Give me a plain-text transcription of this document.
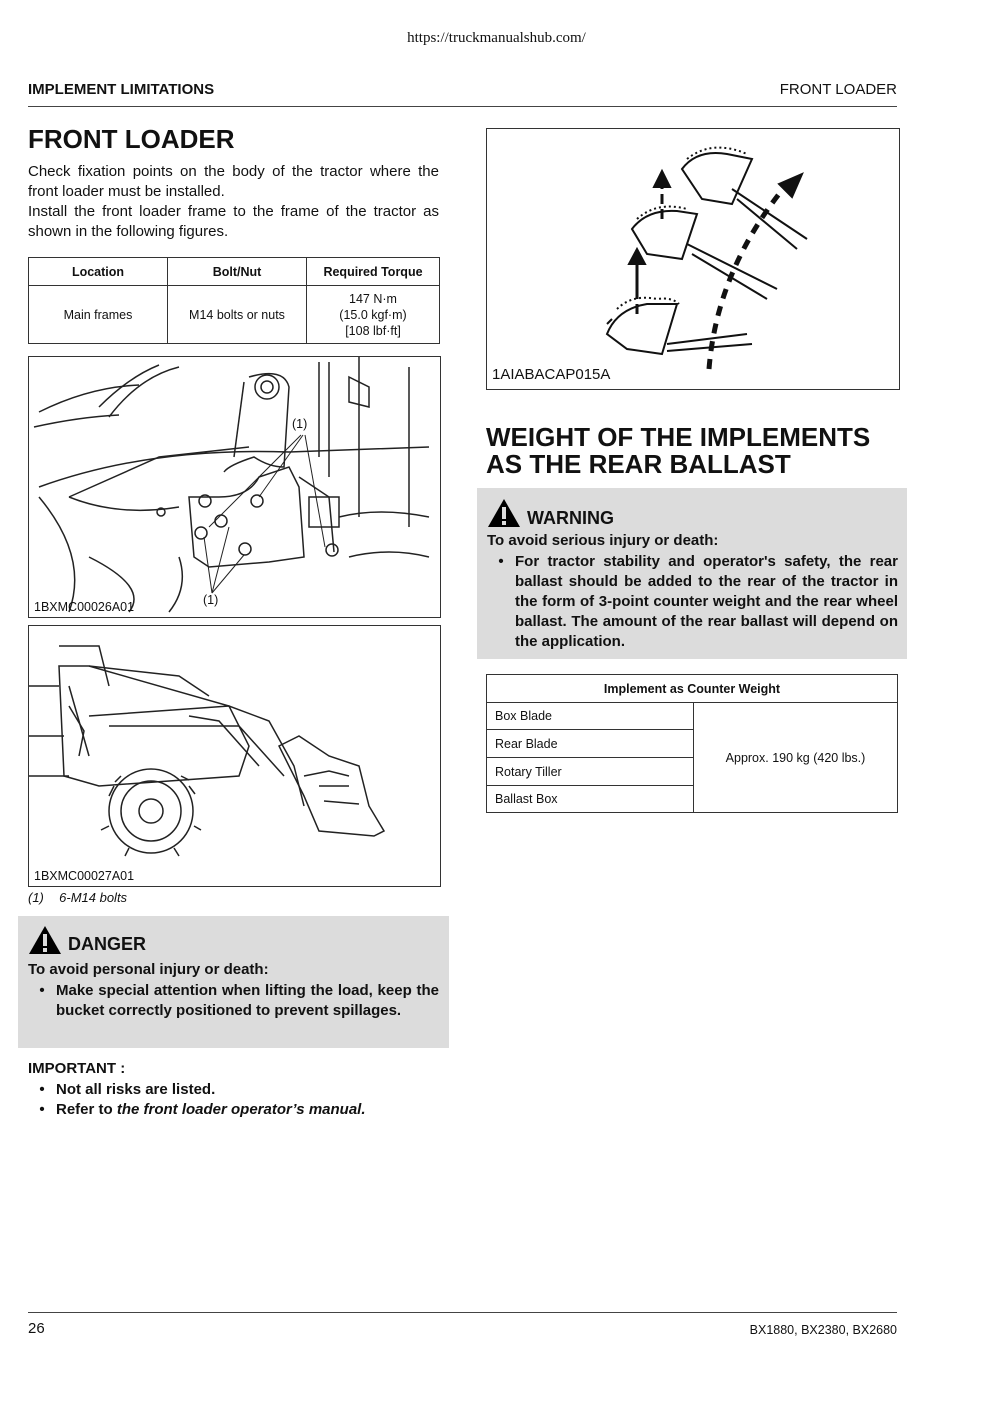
https://truckmanualshub.com/
IMPLEMENT LIMITATIONS	FRONT LOADER
FRONT LOADER
Check fixation points on the body of the tractor where the front loader must be installed.
Install the front loader frame to the frame of the tractor as shown in the following figures.
Location	Bolt/Nut	Required Torque
Main frames	M14 bolts or nuts	147 N·m
(15.0 kgf·m)
[108 lbf·ft]
(1)
(1)
1BXMC00026A01
1BXMC00027A01
(1) 6-M14 bolts
DANGER
To avoid personal injury or death:
• Make special attention when lifting the load, keep the bucket correctly positioned to prevent spillages.
IMPORTANT :
• Not all risks are listed.
• Refer to the front loader operator’s manual.
1AIABACAP015A
WEIGHT OF THE IMPLEMENTS
AS THE REAR BALLAST
WARNING
To avoid serious injury or death:
• For tractor stability and operator's safety, the rear ballast should be added to the rear of the tractor in the form of 3-point counter weight and the rear wheel ballast. The amount of the rear ballast will depend on the application.
Implement as Counter Weight
Box Blade	Approx. 190 kg (420 lbs.)
Rear Blade
Rotary Tiller
Ballast Box
26	BX1880, BX2380, BX2680
